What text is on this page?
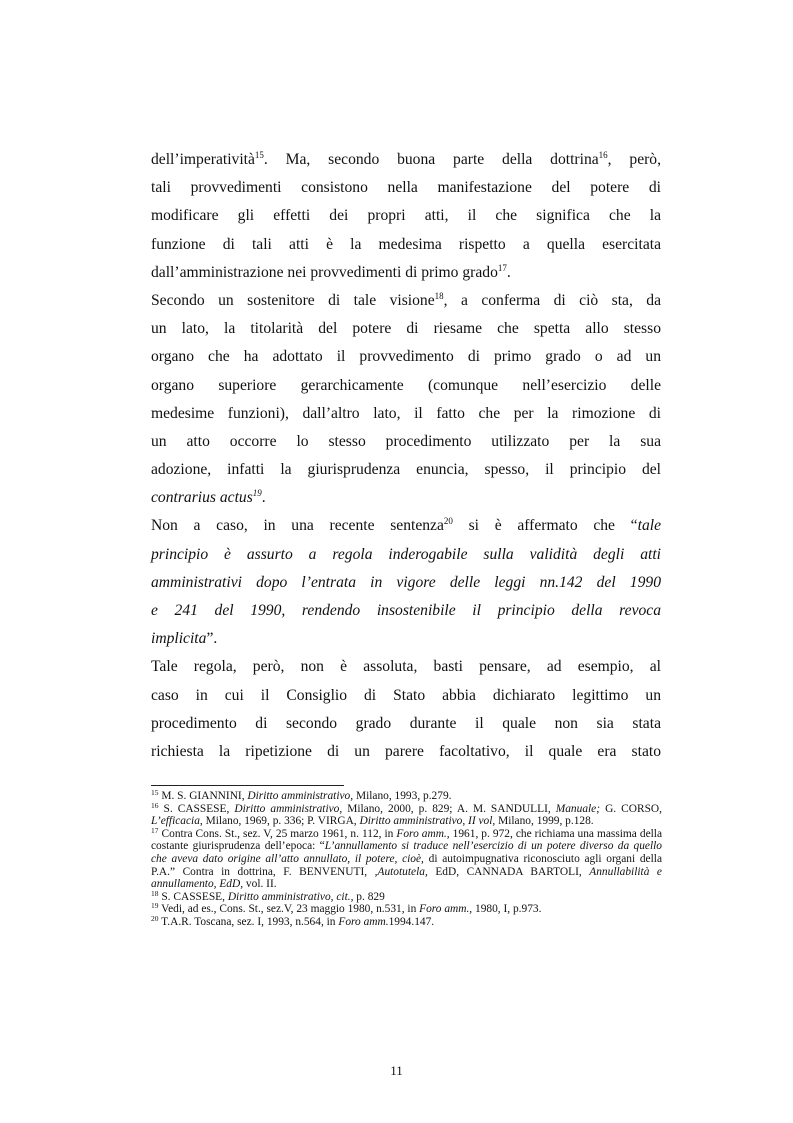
dell’imperatività$^{15}$. Ma, secondo buona parte della dottrina$^{16}$, però,
tali provvedimenti consistono nella manifestazione del potere di
modificare gli effetti dei propri atti, il che significa che la
funzione di tali atti è la medesima rispetto a quella esercitata
dall’amministrazione nei provvedimenti di primo grado$^{17}$.
Secondo un sostenitore di tale visione$^{18}$, a conferma di ciò sta, da
un lato, la titolarità del potere di riesame che spetta allo stesso
organo che ha adottato il provvedimento di primo grado o ad un
organo superiore gerarchicamente (comunque nell’esercizio delle
medesime funzioni), dall’altro lato, il fatto che per la rimozione di
un atto occorre lo stesso procedimento utilizzato per la sua
adozione, infatti la giurisprudenza enuncia, spesso, il principio del
contrarius actus$^{19}$.
Non a caso, in una recente sentenza$^{20}$ si è affermato che “tale
principio è assurto a regola inderogabile sulla validità degli atti
amministrativi dopo l’entrata in vigore delle leggi nn.142 del 1990
e 241 del 1990, rendendo insostenibile il principio della revoca
implicita”.
Tale regola, però, non è assoluta, basti pensare, ad esempio, al
caso in cui il Consiglio di Stato abbia dichiarato legittimo un
procedimento di secondo grado durante il quale non sia stata
richiesta la ripetizione di un parere facoltativo, il quale era stato

$^{15}$ M. S. GIANNINI, Diritto amministrativo, Milano, 1993, p.279.

$^{16}$ S. CASSESE, Diritto amministrativo, Milano, 2000, p. 829; A. M. SANDULLI, Manuale; G. CORSO, L’efficacia, Milano, 1969, p. 336; P. VIRGA, Diritto amministrativo, II vol, Milano, 1999, p.128.

$^{17}$ Contra Cons. St., sez. V, 25 marzo 1961, n. 112, in Foro amm., 1961, p. 972, che richiama una massima della costante giurisprudenza dell’epoca: “L’annullamento si traduce nell’esercizio di un potere diverso da quello che aveva dato origine all’atto annullato, il potere, cioè, di autoimpugnativa riconosciuto agli organi della P.A.” Contra in dottrina, F. BENVENUTI, ,Autotutela, EdD, CANNADA BARTOLI, Annullabilità e annullamento, EdD, vol. II.

$^{18}$ S. CASSESE, Diritto amministrativo, cit., p. 829

$^{19}$ Vedi, ad es., Cons. St., sez.V, 23 maggio 1980, n.531, in Foro amm., 1980, I, p.973.

$^{20}$ T.A.R. Toscana, sez. I, 1993, n.564, in Foro amm.1994.147.

11
